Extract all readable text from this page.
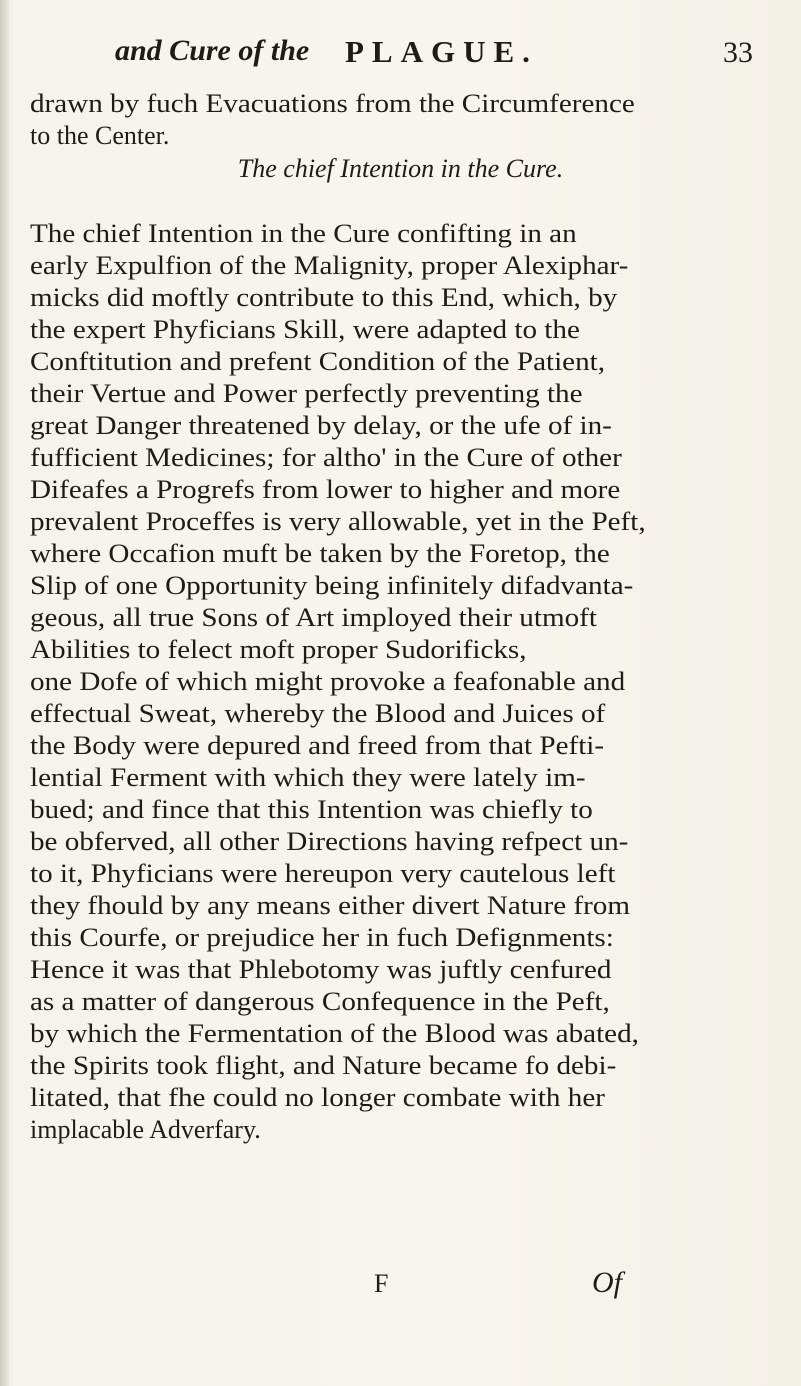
and Cure of the PLAGUE.	33
drawn by fuch Evacuations from the Circumference
to the Center.
The chief Intention in the Cure.
The chief Intention in the Cure confifting in an
early Expulfion of the Malignity, proper Alexiphar-
micks did moftly contribute to this End, which, by
the expert Phyficians Skill, were adapted to the
Conftitution and prefent Condition of the Patient,
their Vertue and Power perfectly preventing the
great Danger threatened by delay, or the ufe of in-
fufficient Medicines; for altho' in the Cure of other
Difeafes a Progrefs from lower to higher and more
prevalent Proceffes is very allowable, yet in the Peft,
where Occafion muft be taken by the Foretop, the
Slip of one Opportunity being infinitely difadvanta-
geous, all true Sons of Art imployed their utmoft
Abilities to felect moft proper Sudorificks,
one Dofe of which might provoke a feafonable and
effectual Sweat, whereby the Blood and Juices of
the Body were depured and freed from that Pefti-
lential Ferment with which they were lately im-
bued; and fince that this Intention was chiefly to
be obferved, all other Directions having refpect un-
to it, Phyficians were hereupon very cautelous left
they fhould by any means either divert Nature from
this Courfe, or prejudice her in fuch Defignments:
Hence it was that Phlebotomy was juftly cenfured
as a matter of dangerous Confequence in the Peft,
by which the Fermentation of the Blood was abated,
the Spirits took flight, and Nature became fo debi-
litated, that fhe could no longer combate with her
implacable Adverfary.
F	Of
